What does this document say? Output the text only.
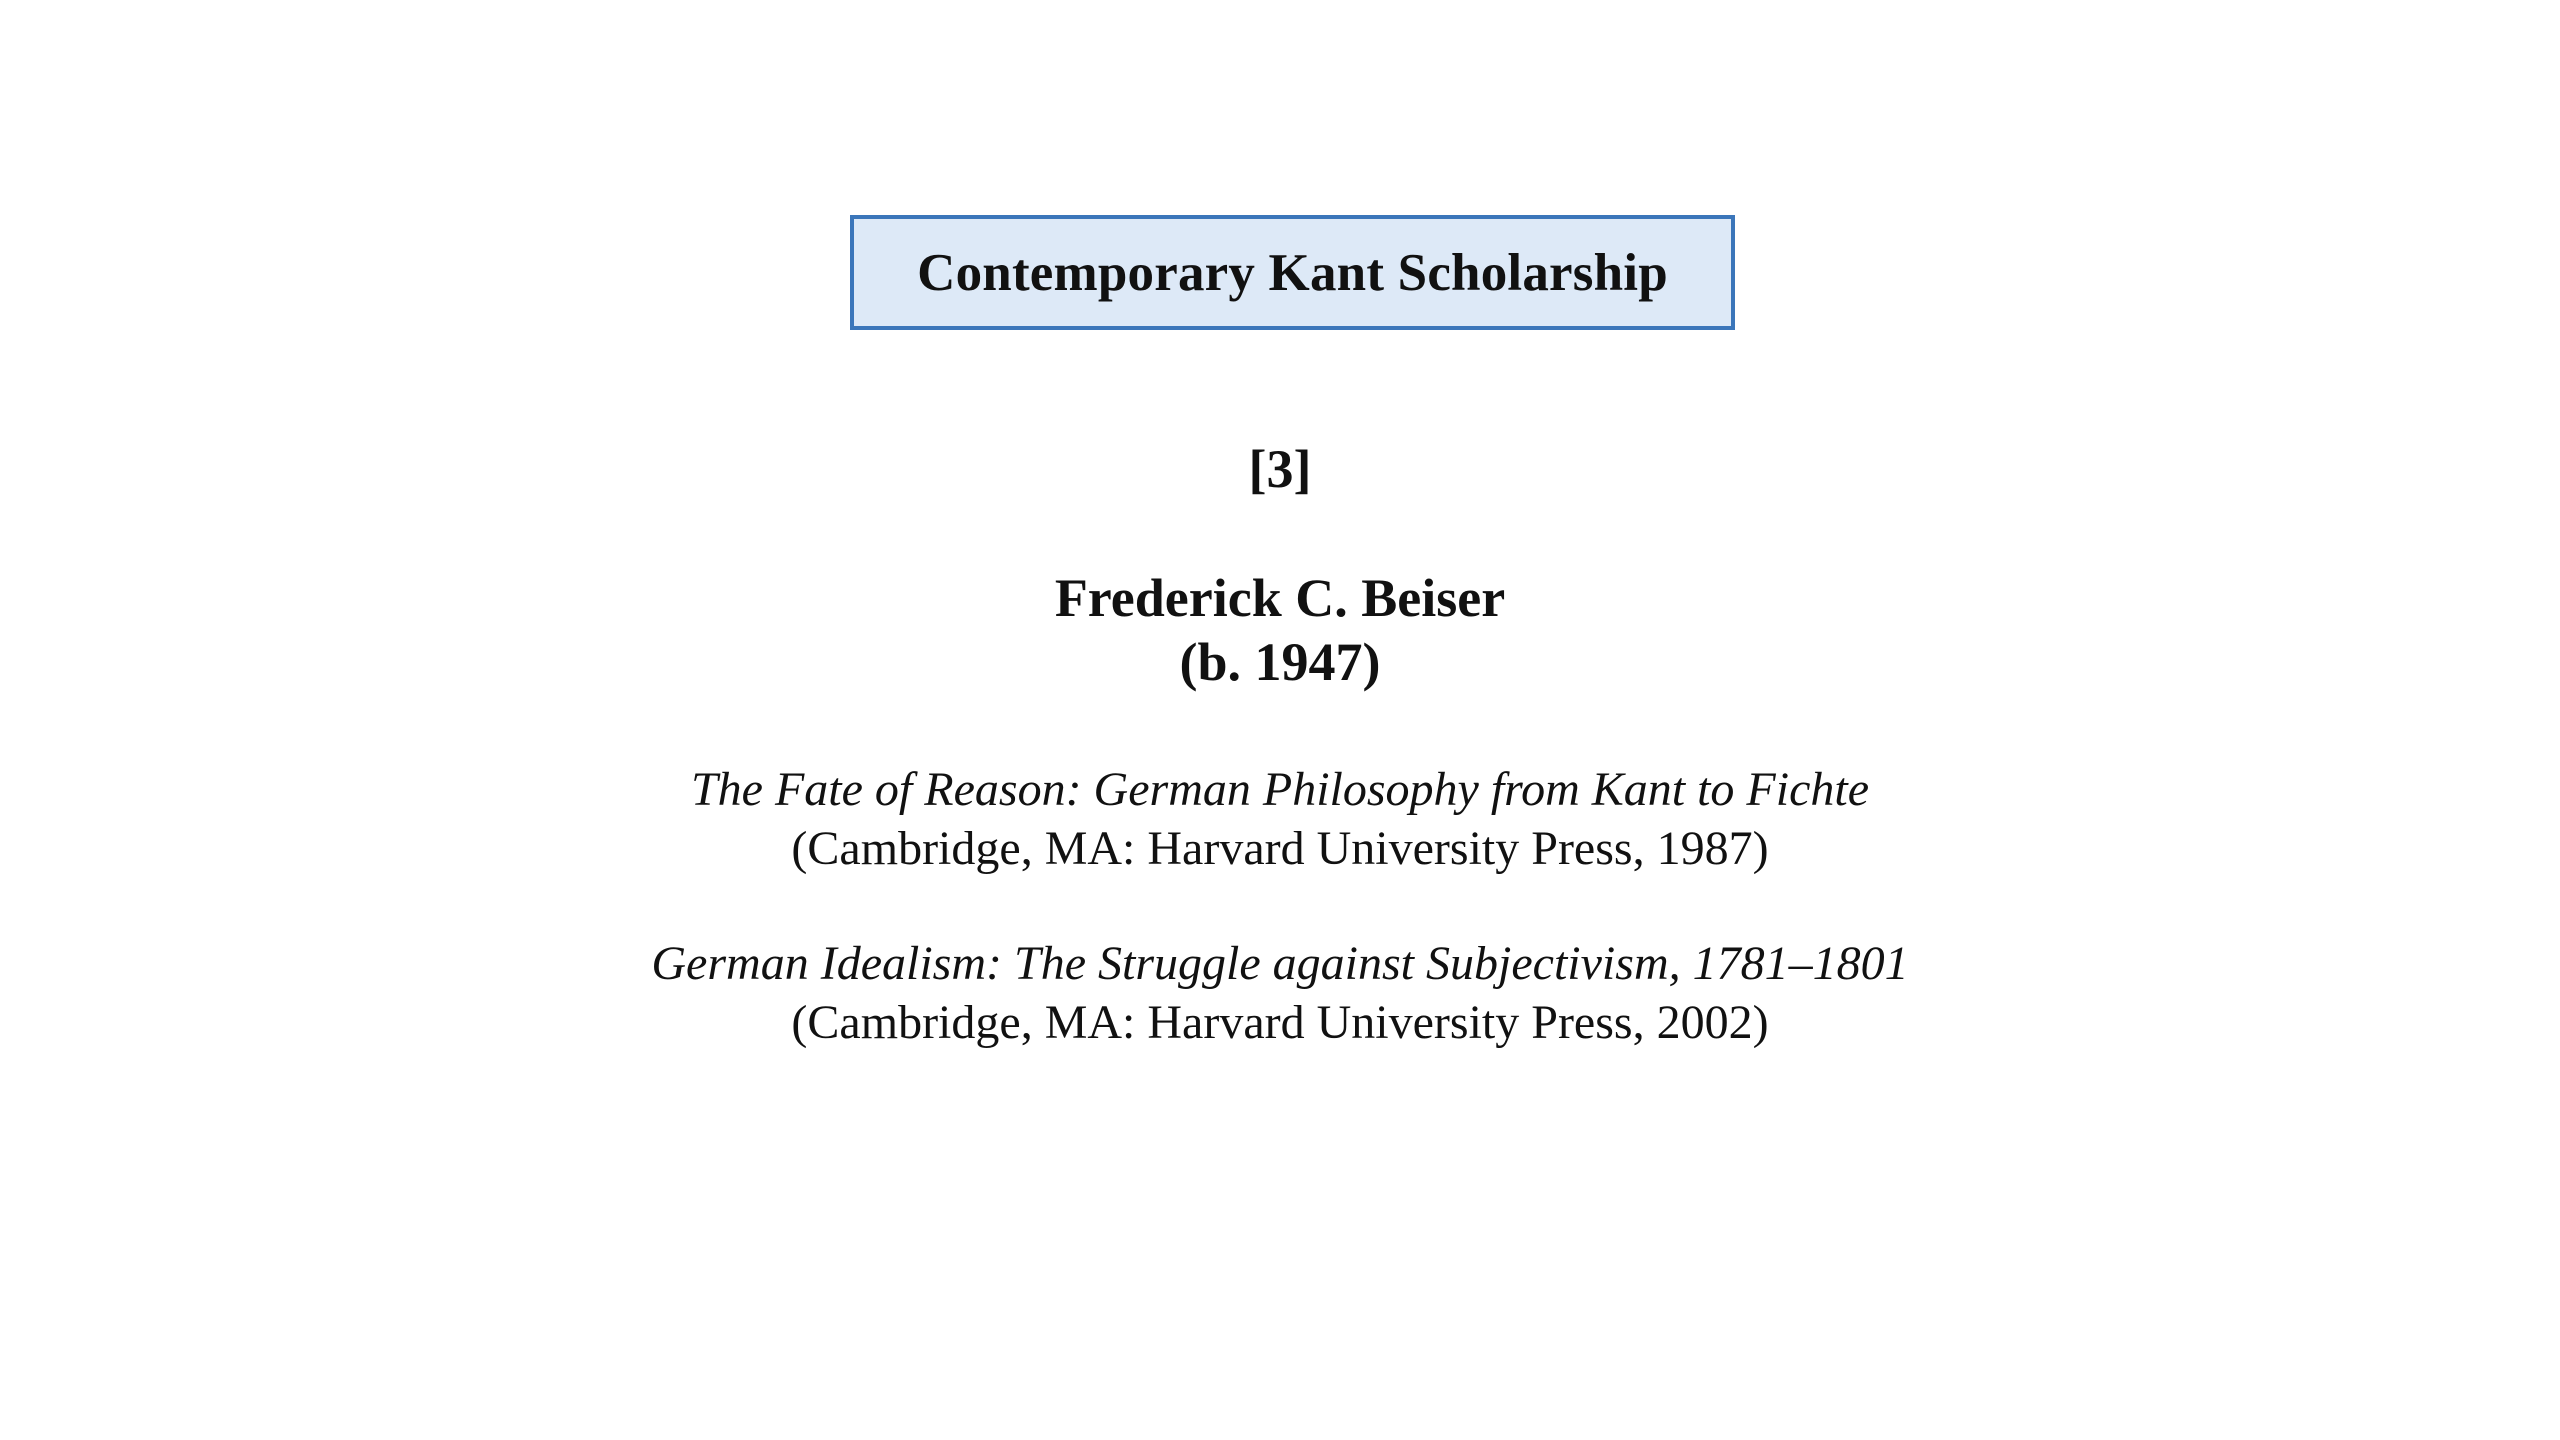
Contemporary Kant Scholarship
[3]
Frederick C. Beiser
(b. 1947)
The Fate of Reason: German Philosophy from Kant to Fichte
(Cambridge, MA: Harvard University Press, 1987)
German Idealism: The Struggle against Subjectivism, 1781–1801
(Cambridge, MA: Harvard University Press, 2002)
